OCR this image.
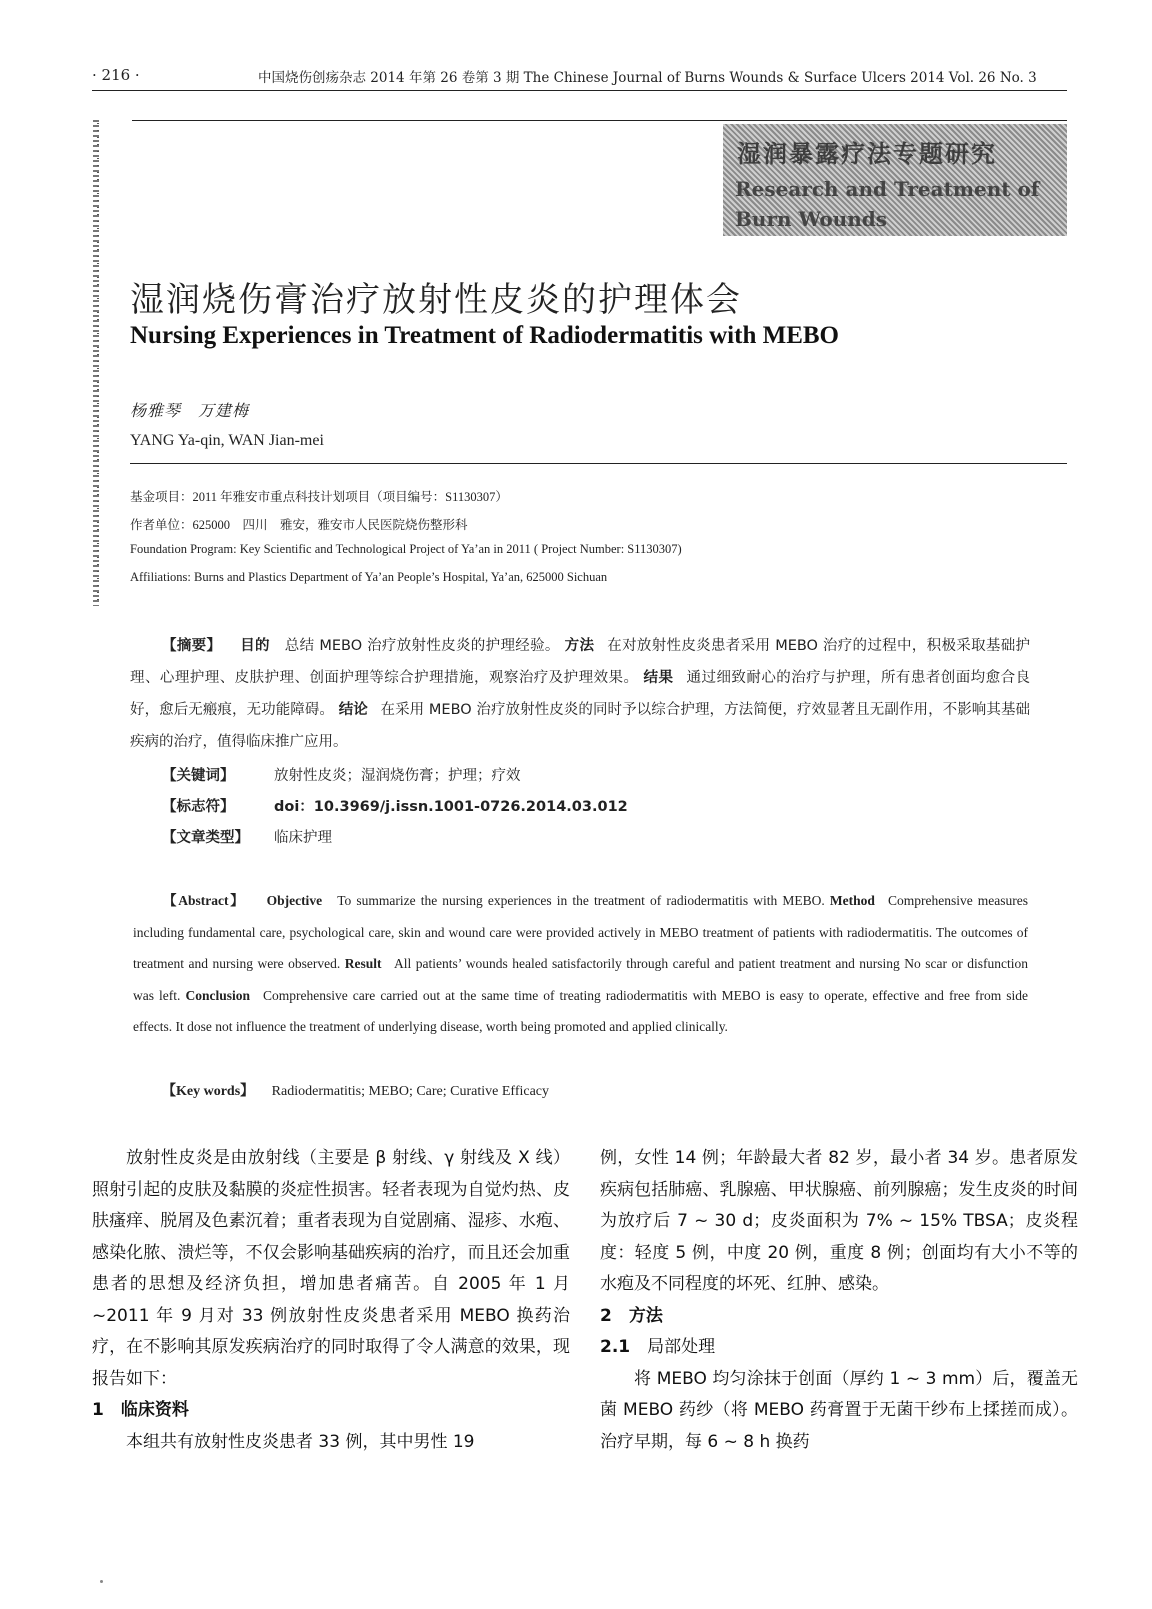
· 216 ·	中国烧伤创疡杂志 2014 年第 26 卷第 3 期 The Chinese Journal of Burns Wounds & Surface Ulcers 2014 Vol. 26 No. 3
湿润暴露疗法专题研究
Research and Treatment of Burn Wounds
湿润烧伤膏治疗放射性皮炎的护理体会
Nursing Experiences in Treatment of Radiodermatitis with MEBO
杨雅琴　万建梅
YANG Ya-qin, WAN Jian-mei
基金项目：2011 年雅安市重点科技计划项目（项目编号：S1130307）
作者单位：625000　四川　雅安，雅安市人民医院烧伤整形科
Foundation Program: Key Scientific and Technological Project of Ya’an in 2011 ( Project Number: S1130307)
Affiliations: Burns and Plastics Department of Ya’an People’s Hospital, Ya’an, 625000 Sichuan

【摘要】 目的 总结 MEBO 治疗放射性皮炎的护理经验。 方法 在对放射性皮炎患者采用 MEBO 治疗的过程中，积极采取基础护理、心理护理、皮肤护理、创面护理等综合护理措施，观察治疗及护理效果。 结果 通过细致耐心的治疗与护理，所有患者创面均愈合良好，愈后无瘢痕，无功能障碍。 结论 在采用 MEBO 治疗放射性皮炎的同时予以综合护理，方法简便，疗效显著且无副作用，不影响其基础疾病的治疗，值得临床推广应用。

【关键词】	放射性皮炎；湿润烧伤膏；护理；疗效
【标志符】	doi：10.3969/j.issn.1001-0726.2014.03.012
【文章类型】 临床护理

【Abstract】 Objective To summarize the nursing experiences in the treatment of radiodermatitis with MEBO. Method Comprehensive measures including fundamental care, psychological care, skin and wound care were provided actively in MEBO treatment of patients with radiodermatitis. The outcomes of treatment and nursing were observed. Result All patients’ wounds healed satisfactorily through careful and patient treatment and nursing No scar or disfunction was left. Conclusion Comprehensive care carried out at the same time of treating radiodermatitis with MEBO is easy to operate, effective and free from side effects. It dose not influence the treatment of underlying disease, worth being promoted and applied clinically.

【Key words】 Radiodermatitis; MEBO; Care; Curative Efficacy

放射性皮炎是由放射线（主要是 β 射线、γ 射线及 X 线）照射引起的皮肤及黏膜的炎症性损害。轻者表现为自觉灼热、皮肤瘙痒、脱屑及色素沉着；重者表现为自觉剧痛、湿疹、水疱、感染化脓、溃烂等，不仅会影响基础疾病的治疗，而且还会加重患者的思想及经济负担，增加患者痛苦。自 2005 年 1 月 ~2011 年 9 月对 33 例放射性皮炎患者采用 MEBO 换药治疗，在不影响其原发疾病治疗的同时取得了令人满意的效果，现报告如下：

1　临床资料

本组共有放射性皮炎患者 33 例，其中男性 19

例，女性 14 例；年龄最大者 82 岁，最小者 34 岁。患者原发疾病包括肺癌、乳腺癌、甲状腺癌、前列腺癌；发生皮炎的时间为放疗后 7 ~ 30 d；皮炎面积为 7% ~ 15% TBSA；皮炎程度：轻度 5 例，中度 20 例，重度 8 例；创面均有大小不等的水疱及不同程度的坏死、红肿、感染。

2　方法

2.1　 局部处理

将 MEBO 均匀涂抹于创面（厚约 1 ~ 3 mm）后，覆盖无菌 MEBO 药纱（将 MEBO 药膏置于无菌干纱布上揉搓而成）。治疗早期，每 6 ~ 8 h 换药
